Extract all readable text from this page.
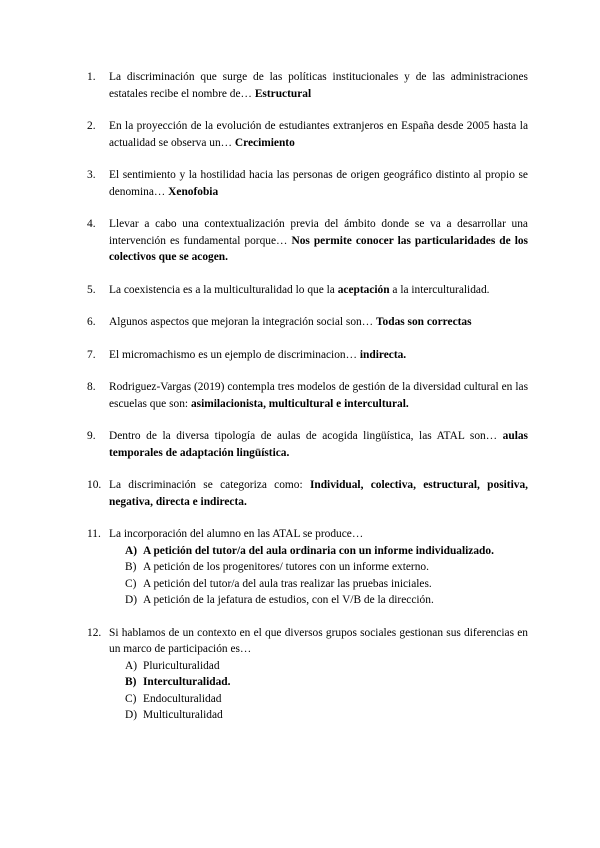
1.	La discriminación que surge de las políticas institucionales y de las administraciones estatales recibe el nombre de… Estructural
2.	En la proyección de la evolución de estudiantes extranjeros en España desde 2005 hasta la actualidad se observa un… Crecimiento
3.	El sentimiento y la hostilidad hacia las personas de origen geográfico distinto al propio se denomina… Xenofobia
4.	Llevar a cabo una contextualización previa del ámbito donde se va a desarrollar una intervención es fundamental porque… Nos permite conocer las particularidades de los colectivos que se acogen.
5.	La coexistencia es a la multiculturalidad lo que la aceptación a la interculturalidad.
6.	Algunos aspectos que mejoran la integración social son… Todas son correctas
7.	El micromachismo es un ejemplo de discriminacion… indirecta.
8.	Rodriguez-Vargas (2019) contempla tres modelos de gestión de la diversidad cultural en las escuelas que son: asimilacionista, multicultural e intercultural.
9.	Dentro de la diversa tipología de aulas de acogida lingüística, las ATAL son… aulas temporales de adaptación lingüística.
10. La discriminación se categoriza como: Individual, colectiva, estructural, positiva, negativa, directa e indirecta.
11. La incorporación del alumno en las ATAL se produce…
A) A petición del tutor/a del aula ordinaria con un informe individualizado.
B) A petición de los progenitores/ tutores con un informe externo.
C) A petición del tutor/a del aula tras realizar las pruebas iniciales.
D) A petición de la jefatura de estudios, con el V/B de la dirección.
12. Si hablamos de un contexto en el que diversos grupos sociales gestionan sus diferencias en un marco de participación es…
A) Pluriculturalidad
B) Interculturalidad.
C) Endoculturalidad
D) Multiculturalidad
